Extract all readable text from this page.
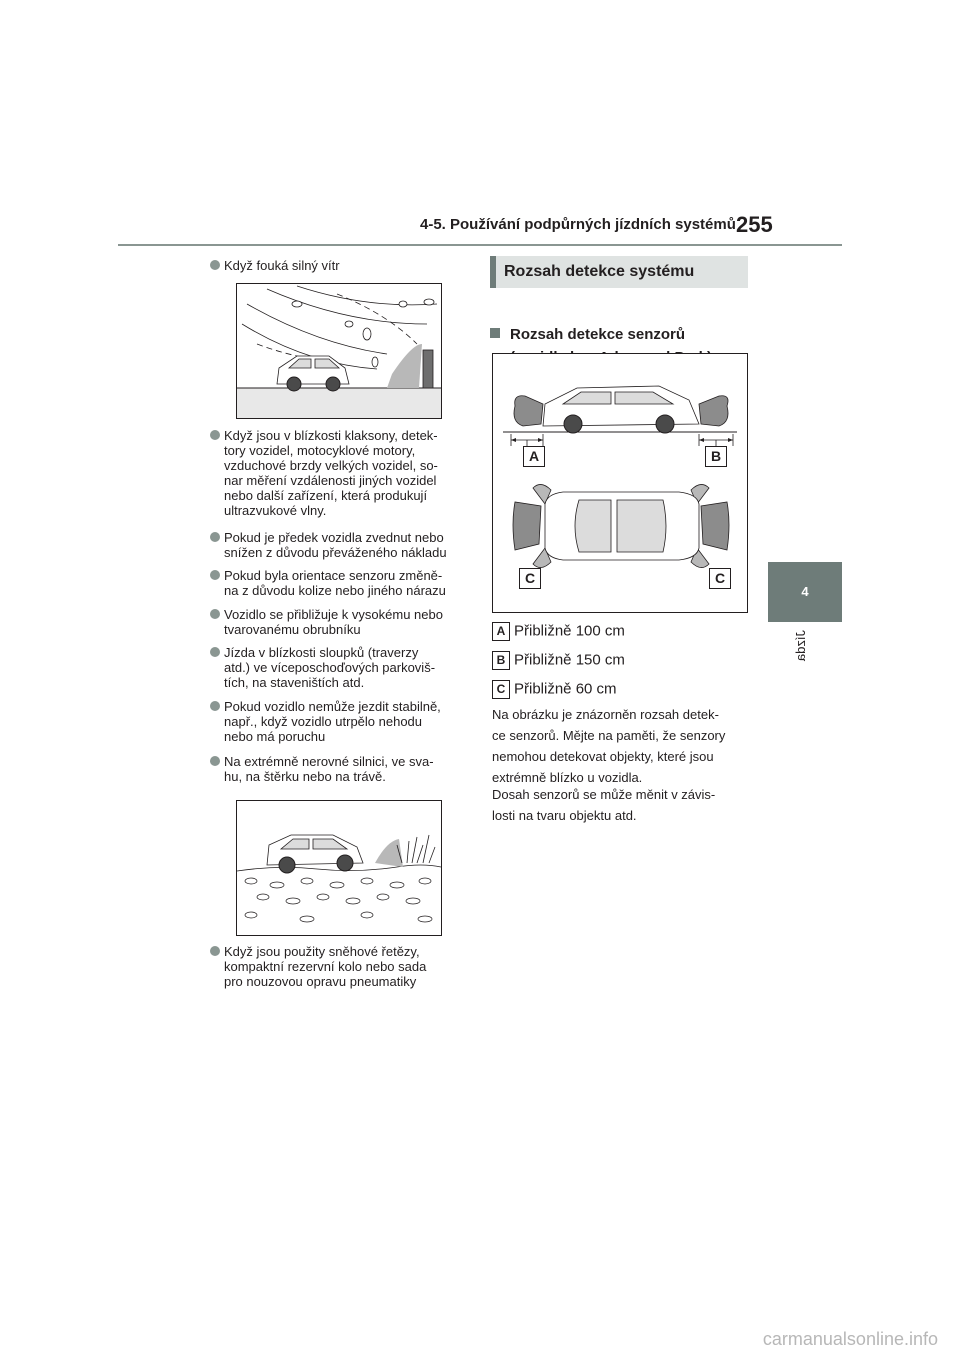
4-5. Používání podpůrných jízdních systémů 255
4
Jízda
Když fouká silný vítr
Když jsou v blízkosti klaksony, detek-
tory vozidel, motocyklové motory,
vzduchové brzdy velkých vozidel, so-
nar měření vzdálenosti jiných vozidel
nebo další zařízení, která produkují
ultrazvukové vlny.
Pokud je předek vozidla zvednut nebo
snížen z důvodu převáženého nákladu
Pokud byla orientace senzoru změně-
na z důvodu kolize nebo jiného nárazu
Vozidlo se přibližuje k vysokému nebo
tvarovanému obrubníku
Jízda v blízkosti sloupků (traverzy
atd.) ve víceposchoďových parkoviš-
tích, na staveništích atd.
Pokud vozidlo nemůže jezdit stabilně,
např., když vozidlo utrpělo nehodu
nebo má poruchu
Na extrémně nerovné silnici, ve sva-
hu, na štěrku nebo na trávě.
Když jsou použity sněhové řetězy,
kompaktní rezervní kolo nebo sada
pro nouzovou opravu pneumatiky
Rozsah detekce systému
Rozsah detekce senzorů

A	B
C	C
A Přibližně 100 cm
B Přibližně 150 cm
C Přibližně 60 cm
Na obrázku je znázorněn rozsah detek-
ce senzorů. Mějte na paměti, že senzory
nemohou detekovat objekty, které jsou
extrémně blízko u vozidla.
Dosah senzorů se může měnit v závis-
losti na tvaru objektu atd.
carmanualsonline.info
